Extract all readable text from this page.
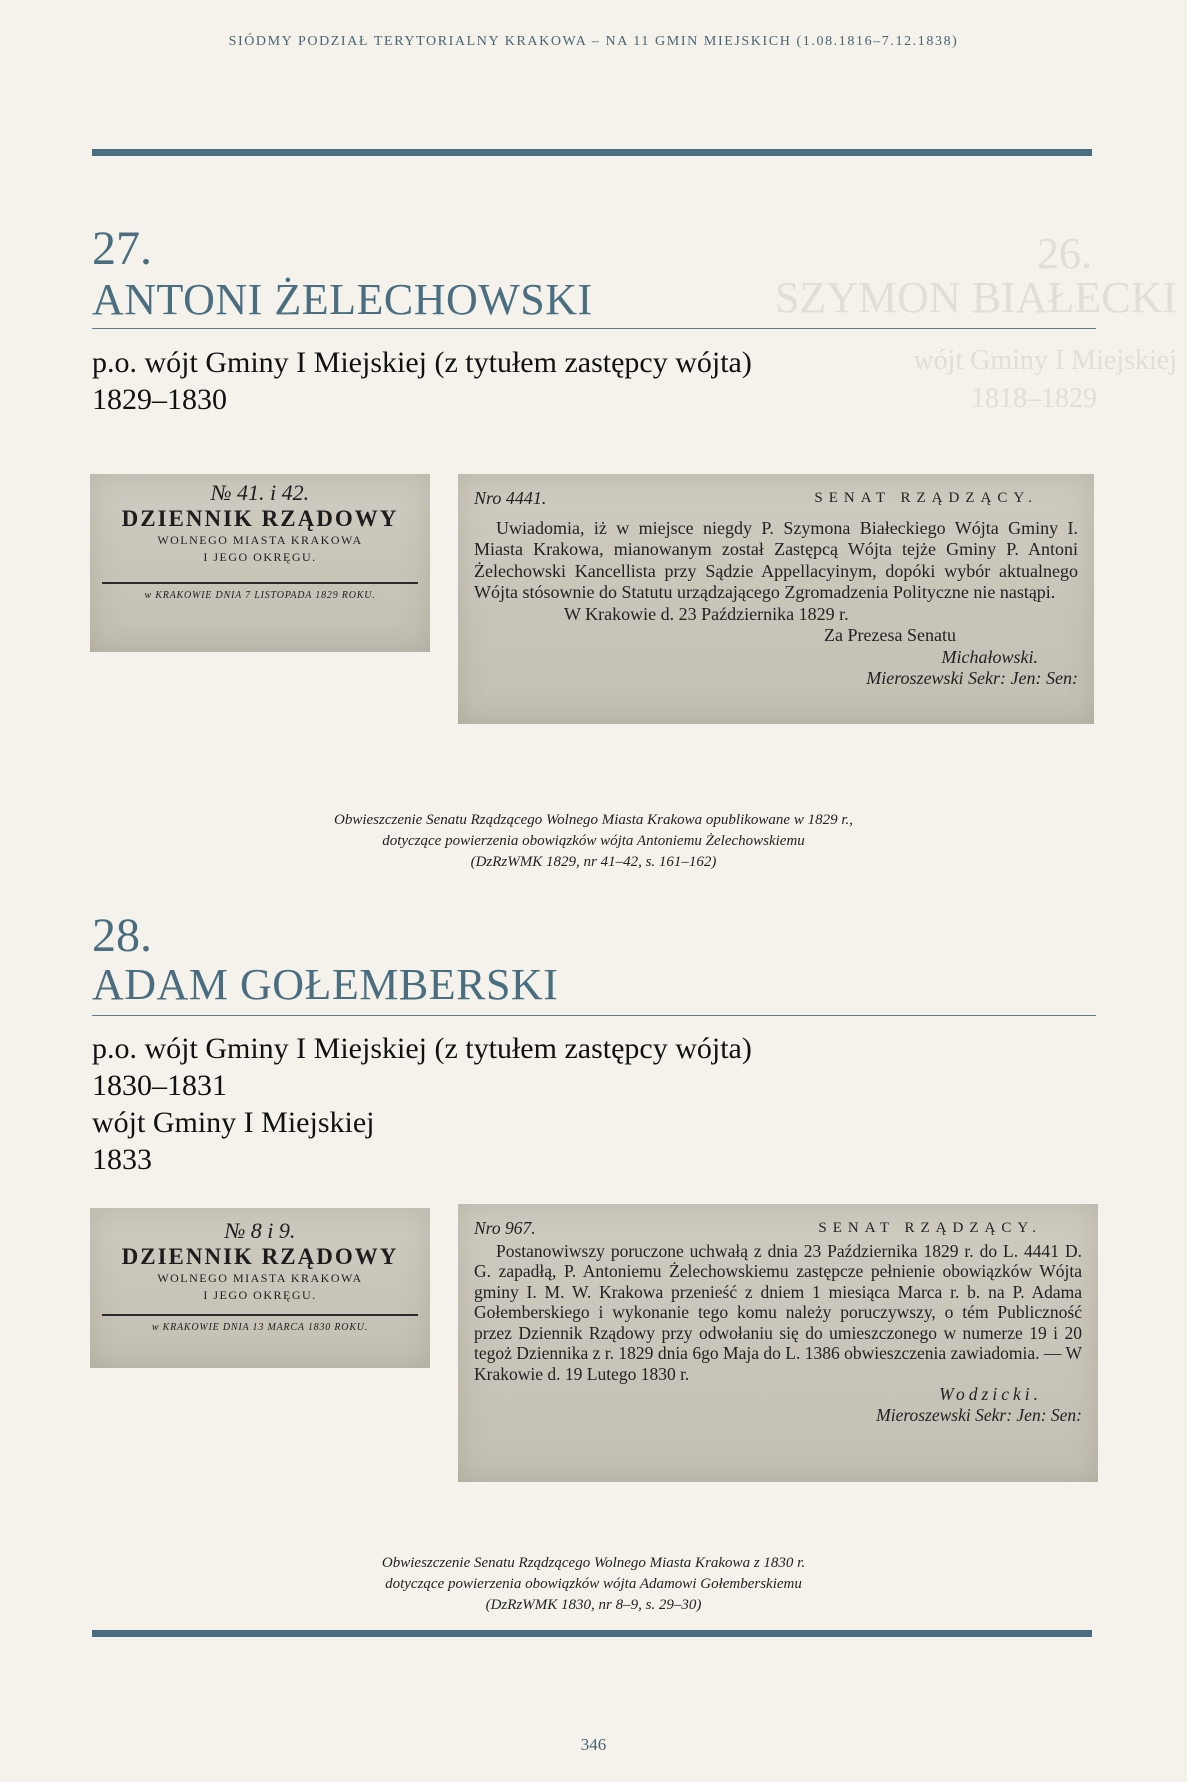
SIÓDMY PODZIAŁ TERYTORIALNY KRAKOWA – NA 11 GMIN MIEJSKICH (1.08.1816–7.12.1838)
26.
SZYMON BIAŁECKI
wójt Gminy I Miejskiej
1818–1829
27.
ANTONI ŻELECHOWSKI
p.o. wójt Gminy I Miejskiej (z tytułem zastępcy wójta)
1829–1830
№ 41. i 42.
DZIENNIK RZĄDOWY
WOLNEGO MIASTA KRAKOWA
I JEGO OKRĘGU.
w KRAKOWIE DNIA 7 LISTOPADA 1829 ROKU.
Nro 4441.	SENAT RZĄDZĄCY.

Uwiadomia, iż w miejsce niegdy P. Szymona Białeckiego Wójta Gminy I. Miasta Krakowa, mianowanym został Zastępcą Wójta tejże Gminy P. Antoni Żelechowski Kancellista przy Sądzie Appellacyinym, dopóki wybór aktualnego Wójta stósownie do Statutu urządzającego Zgromadzenia Polityczne nie nastąpi.

W Krakowie d. 23 Października 1829 r.
Za Prezesa Senatu
Michałowski.
Mieroszewski Sekr: Jen: Sen:
Obwieszczenie Senatu Rządzącego Wolnego Miasta Krakowa opublikowane w 1829 r.,
dotyczące powierzenia obowiązków wójta Antoniemu Żelechowskiemu
(DzRzWMK 1829, nr 41–42, s. 161–162)
28.
ADAM GOŁEMBERSKI
p.o. wójt Gminy I Miejskiej (z tytułem zastępcy wójta)
1830–1831
wójt Gminy I Miejskiej
1833
№ 8 i 9.
DZIENNIK RZĄDOWY
WOLNEGO MIASTA KRAKOWA
I JEGO OKRĘGU.
w KRAKOWIE DNIA 13 MARCA 1830 ROKU.
Nro 967.	SENAT RZĄDZĄCY.

Postanowiwszy poruczone uchwałą z dnia 23 Października 1829 r. do L. 4441 D. G. zapadłą, P. Antoniemu Żelechowskiemu zastępcze pełnienie obowiązków Wójta gminy I. M. W. Krakowa przenieść z dniem 1 miesiąca Marca r. b. na P. Adama Gołemberskiego i wykonanie tego komu należy poruczywszy, o tém Publiczność przez Dziennik Rządowy przy odwołaniu się do umieszczonego w numerze 19 i 20 tegoż Dziennika z r. 1829 dnia 6go Maja do L. 1386 obwieszczenia zawiadomia. — W Krakowie d. 19 Lutego 1830 r.

Wodzicki.
Mieroszewski Sekr: Jen: Sen:
Obwieszczenie Senatu Rządzącego Wolnego Miasta Krakowa z 1830 r.
dotyczące powierzenia obowiązków wójta Adamowi Gołemberskiemu
(DzRzWMK 1830, nr 8–9, s. 29–30)
346
